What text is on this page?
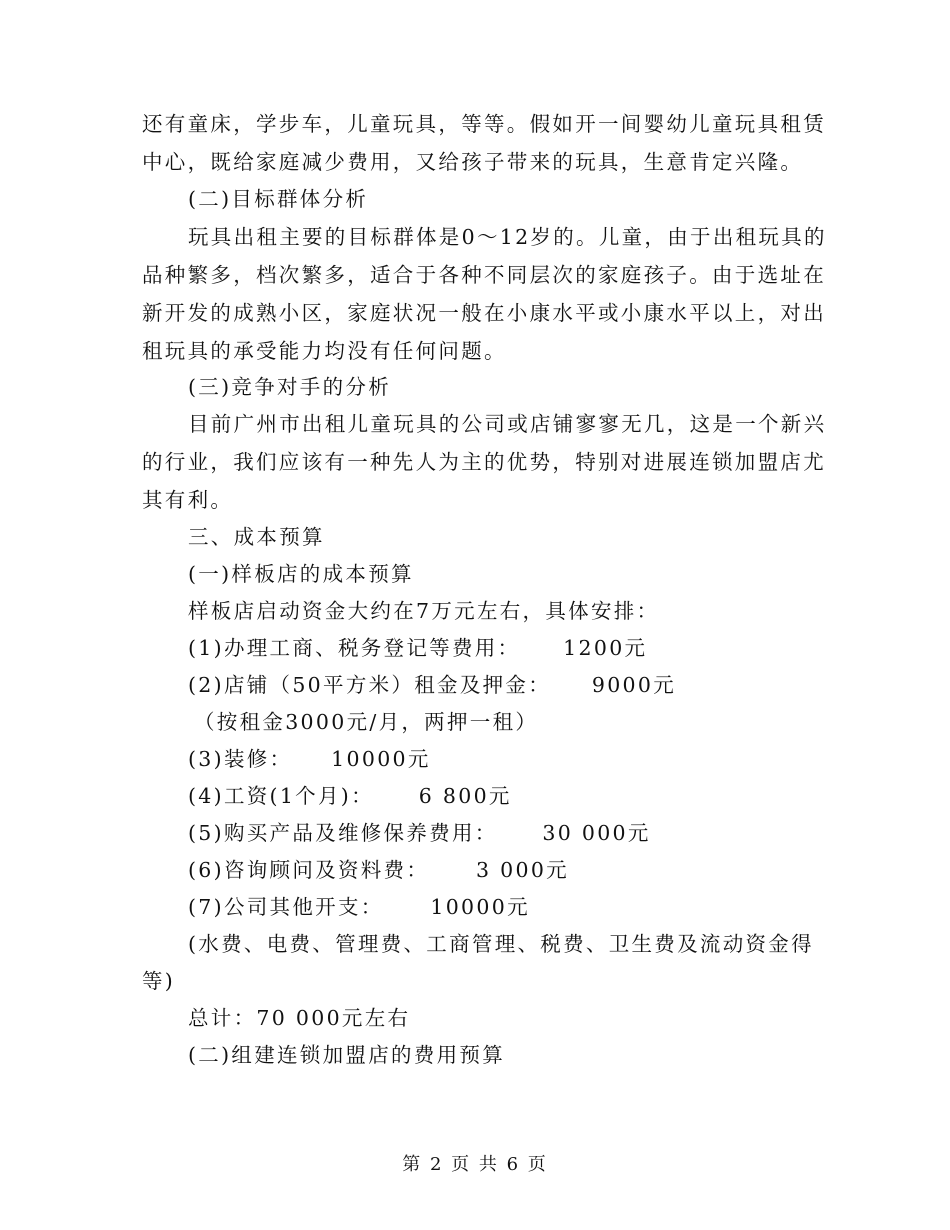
还有童床，学步车，儿童玩具，等等。假如开一间婴幼儿童玩具租赁
中心，既给家庭减少费用，又给孩子带来的玩具，生意肯定兴隆。
(二)目标群体分析
玩具出租主要的目标群体是0～12岁的。儿童，由于出租玩具的
品种繁多，档次繁多，适合于各种不同层次的家庭孩子。由于选址在
新开发的成熟小区，家庭状况一般在小康水平或小康水平以上，对出
租玩具的承受能力均没有任何问题。
(三)竞争对手的分析
目前广州市出租儿童玩具的公司或店铺寥寥无几，这是一个新兴
的行业，我们应该有一种先人为主的优势，特别对进展连锁加盟店尤
其有利。
三、成本预算
(一)样板店的成本预算
样板店启动资金大约在7万元左右，具体安排：
(1)办理工商、税务登记等费用： 1200元
(2)店铺（50平方米）租金及押金： 9000元
（按租金3000元/月，两押一租）
(3)装修： 10000元
(4)工资(1个月)： 6 800元
(5)购买产品及维修保养费用： 30 000元
(6)咨询顾问及资料费： 3 000元
(7)公司其他开支： 10000元
(水费、电费、管理费、工商管理、税费、卫生费及流动资金得
等)
总计：70 000元左右
(二)组建连锁加盟店的费用预算
第 2 页 共 6 页
